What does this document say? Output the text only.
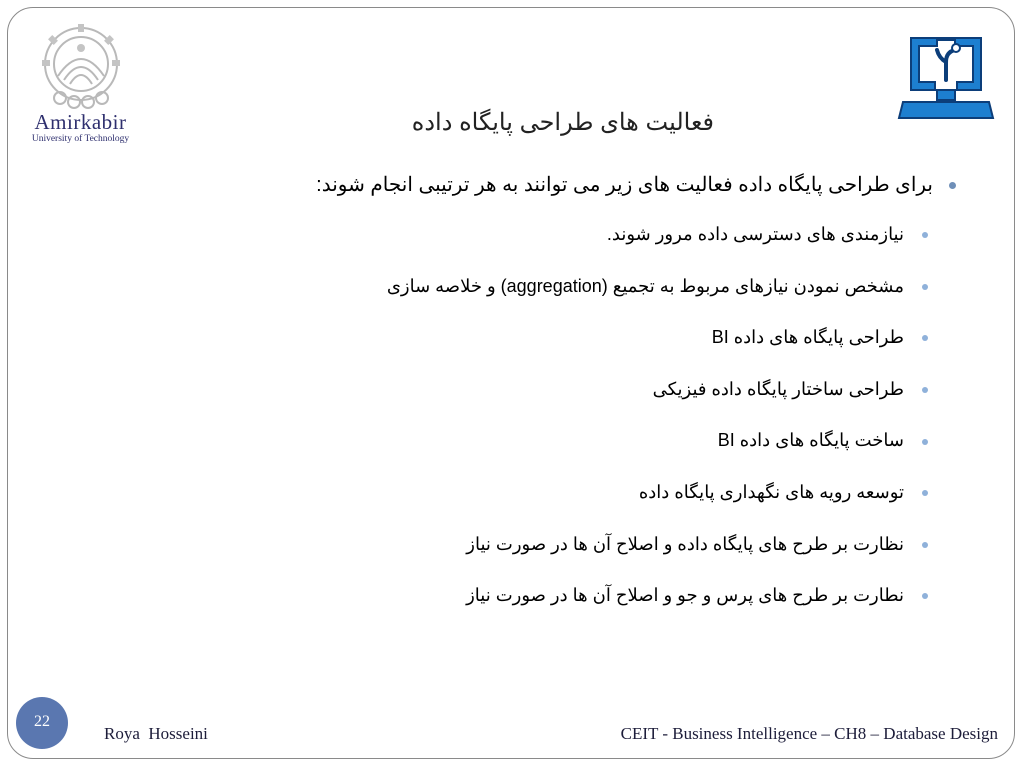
Amirkabir
University of Technology
فعالیت های طراحی پایگاه داده
برای طراحی پایگاه داده فعالیت های زیر می توانند به هر ترتیبی انجام شوند:
نیازمندی های دسترسی داده مرور شوند.
مشخص نمودن نیازهای مربوط به تجمیع (aggregation) و خلاصه سازی
طراحی پایگاه های داده BI
طراحی ساختار پایگاه داده فیزیکی
ساخت پایگاه های داده BI
توسعه رویه های نگهداری پایگاه داده
نظارت بر طرح های پایگاه داده و اصلاح آن ها در صورت نیاز
نطارت بر طرح های پرس و جو و اصلاح آن ها در صورت نیاز
22
Roya  Hosseini	CEIT - Business Intelligence – CH8 – Database Design
